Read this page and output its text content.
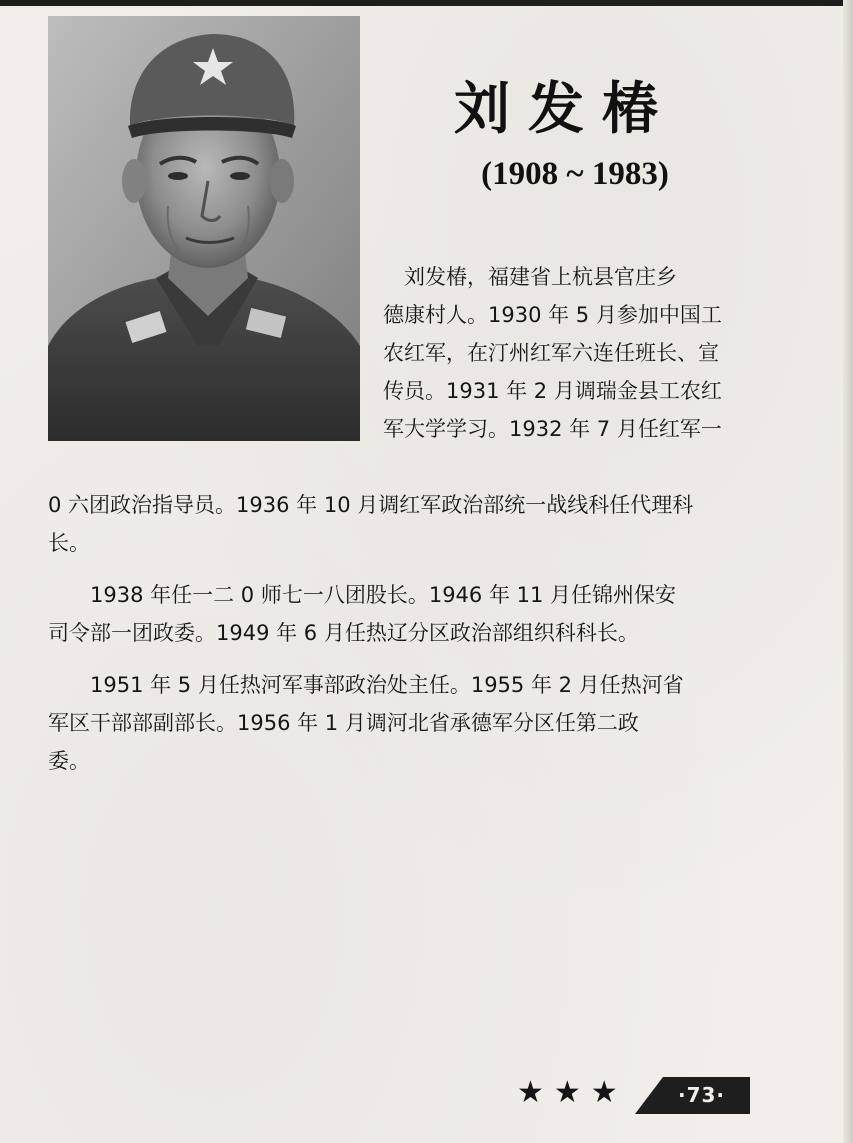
刘发椿
(1908 ~ 1983)
　刘发椿，福建省上杭县官庄乡
德康村人。1930 年 5 月参加中国工
农红军，在汀州红军六连任班长、宣
传员。1931 年 2 月调瑞金县工农红
军大学学习。1932 年 7 月任红军一
0 六团政治指导员。1936 年 10 月调红军政治部统一战线科任代理科
长。
　　1938 年任一二 0 师七一八团股长。1946 年 11 月任锦州保安
司令部一团政委。1949 年 6 月任热辽分区政治部组织科科长。
　　1951 年 5 月任热河军事部政治处主任。1955 年 2 月任热河省
军区干部部副部长。1956 年 1 月调河北省承德军分区任第二政
委。
★★★	·73·
